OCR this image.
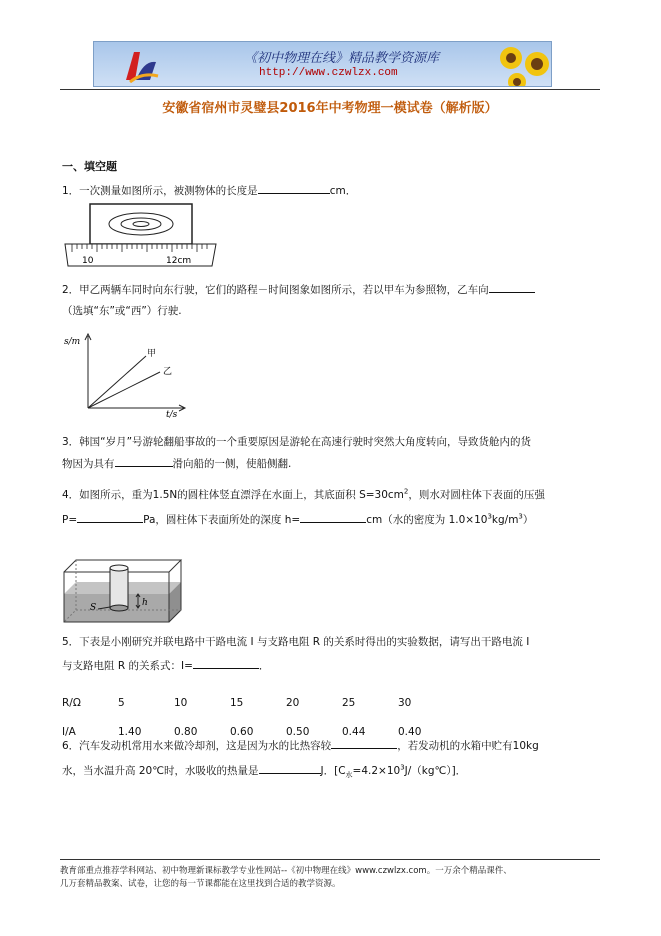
《初中物理在线》精品教学资源库
http://www.czwlzx.com
安徽省宿州市灵璧县2016年中考物理一模试卷（解析版）
一、填空题
1．一次测量如图所示，被测物体的长度是	cm．
10	12cm
2．甲乙两辆车同时向东行驶，它们的路程－时间图象如图所示，若以甲车为参照物，乙车向
（选填“东”或“西”）行驶.
s/m
t/s
甲
乙
3．韩国“岁月”号游轮翻船事故的一个重要原因是游轮在高速行驶时突然大角度转向，导致货舱内的货
物因为具有	滑向船的一侧，使船侧翻.
4．如图所示，重为1.5N的圆柱体竖直漂浮在水面上，其底面积 $S=30cm^2$，则水对圆柱体下表面的压强
P=	Pa，圆柱体下表面所处的深度 h=	cm（水的密度为 $1.0\times 10^3kg/m^3$）
S	h
5．下表是小刚研究并联电路中干路电流 I 与支路电阻 R 的关系时得出的实验数据，请写出干路电流 I
与支路电阻 R 的关系式：I=	．
R/Ω	5	10	15	20	25	30
I/A	1.40	0.80	0.60	0.50	0.44	0.40
6．汽车发动机常用水来做冷却剂，这是因为水的比热容较	，若发动机的水箱中贮有10kg
水，当水温升高 20℃时，水吸收的热量是	J．$[C_水=4.2\times 10^3J/(kg℃)]$．
教育部重点推荐学科网站、初中物理新课标教学专业性网站--《初中物理在线》www.czwlzx.com。一万余个精品课件、
几万套精品教案、试卷，让您的每一节课都能在这里找到合适的教学资源。
